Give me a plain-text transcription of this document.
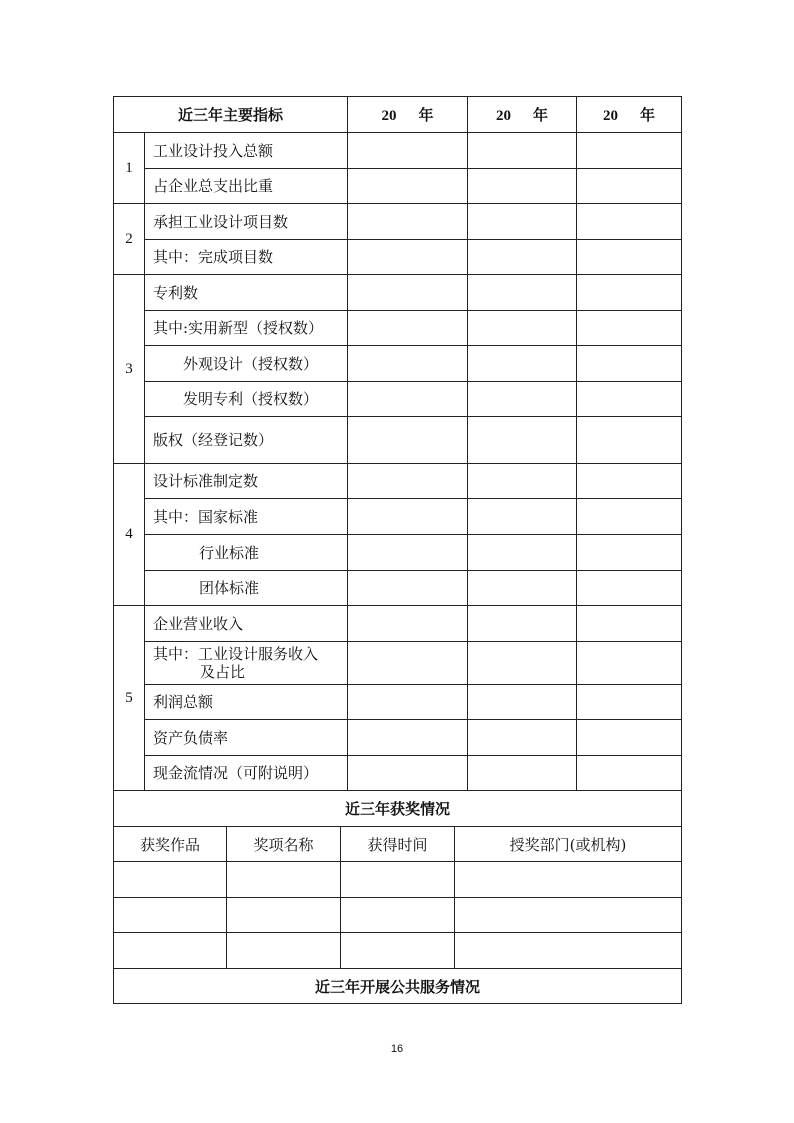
近三年主要指标		20 年	20 年	20 年
1	工业设计投入总额			
	占企业总支出比重			
2	承担工业设计项目数			
	其中：完成项目数			
3	专利数			
	其中:实用新型（授权数）			
	外观设计（授权数）			
	发明专利（授权数）			
	版权（经登记数）			
4	设计标准制定数			
	其中：国家标准			
	行业标准			
	团体标准			
5	企业营业收入			
	其中：工业设计服务收入
及占比			

	利润总额			
	资产负债率			
	现金流情况（可附说明）			
近三年获奖情况			
获奖作品	奖项名称	获得时间	授奖部门(或机构)

近三年开展公共服务情况			
16
